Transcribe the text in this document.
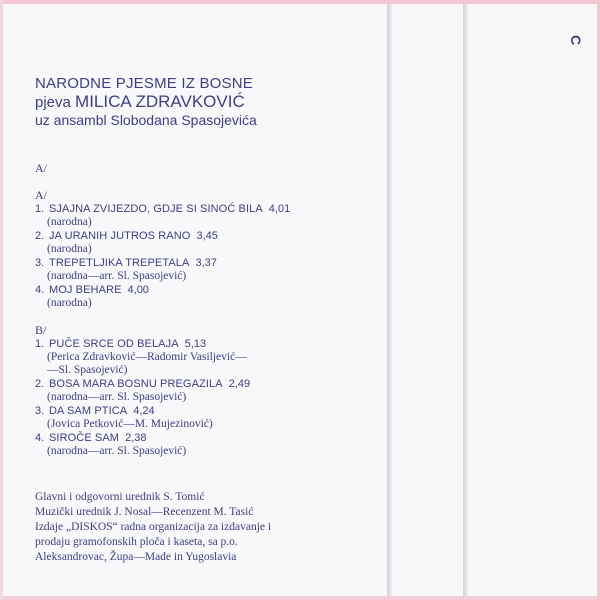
C
NARODNE PJESME IZ BOSNE
pjeva MILICA ZDRAVKOVIĆ
uz ansambl Slobodana Spasojevića
A/
A/
1. SJAJNA ZVIJEZDO, GDJE SI SINOĆ BILA 4,01
(narodna)
2. JA URANIH JUTROS RANO 3,45
(narodna)
3. TREPETLJIKA TREPETALA 3,37
(narodna—arr. Sl. Spasojević)
4. MOJ BEHARE 4,00
(narodna)
B/
1. PUČE SRCE OD BELAJA 5,13
(Perica Zdravković—Radomir Vasiljević—
—Sl. Spasojević)
2. BOSA MARA BOSNU PREGAZILA 2,49
(narodna—arr. Sl. Spasojević)
3. DA SAM PTICA 4,24
(Jovica Petković—M. Mujezinović)
4. SIROČE SAM 2,38
(narodna—arr. Sl. Spasojević)
Glavni i odgovorni urednik S. Tomić
Muzički urednik J. Nosal—Recenzent M. Tasić
Izdaje „DISKOS“ radna organizacija za izdavanje i
prodaju gramofonskih ploča i kaseta, sa p.o.
Aleksandrovac, Župa—Made in Yugoslavia
